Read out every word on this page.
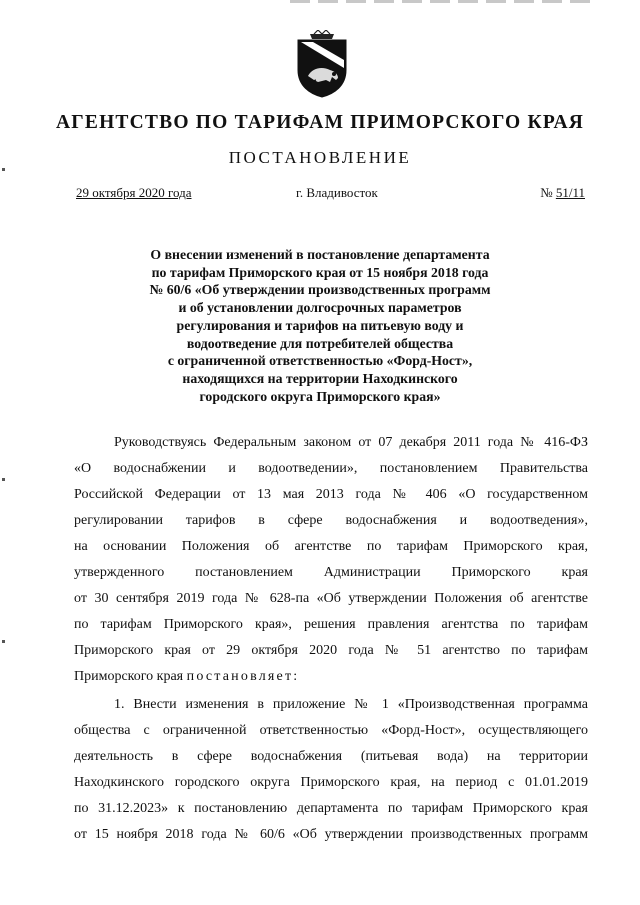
АГЕНТСТВО ПО ТАРИФАМ ПРИМОРСКОГО КРАЯ
ПОСТАНОВЛЕНИЕ
29 октября 2020 года	г. Владивосток	№ 51/11
О внесении изменений в постановление департамента
по тарифам Приморского края от 15 ноября 2018 года
№ 60/6 «Об утверждении производственных программ
и об установлении долгосрочных параметров
регулирования и тарифов на питьевую воду и
водоотведение для потребителей общества
с ограниченной ответственностью «Форд-Ност»,
находящихся на территории Находкинского
городского округа Приморского края»
Руководствуясь Федеральным законом от 07 декабря 2011 года № 416-ФЗ
«О водоснабжении и водоотведении», постановлением Правительства
Российской Федерации от 13 мая 2013 года № 406 «О государственном
регулировании тарифов в сфере водоснабжения и водоотведения»,
на основании Положения об агентстве по тарифам Приморского края,
утвержденного постановлением Администрации Приморского края
от 30 сентября 2019 года № 628-па «Об утверждении Положения об агентстве
по тарифам Приморского края», решения правления агентства по тарифам
Приморского края от 29 октября 2020 года № 51 агентство по тарифам
Приморского края постановляет:
1. Внести изменения в приложение № 1 «Производственная программа
общества с ограниченной ответственностью «Форд-Ност», осуществляющего
деятельность в сфере водоснабжения (питьевая вода) на территории
Находкинского городского округа Приморского края, на период с 01.01.2019
по 31.12.2023» к постановлению департамента по тарифам Приморского края
от 15 ноября 2018 года № 60/6 «Об утверждении производственных программ
